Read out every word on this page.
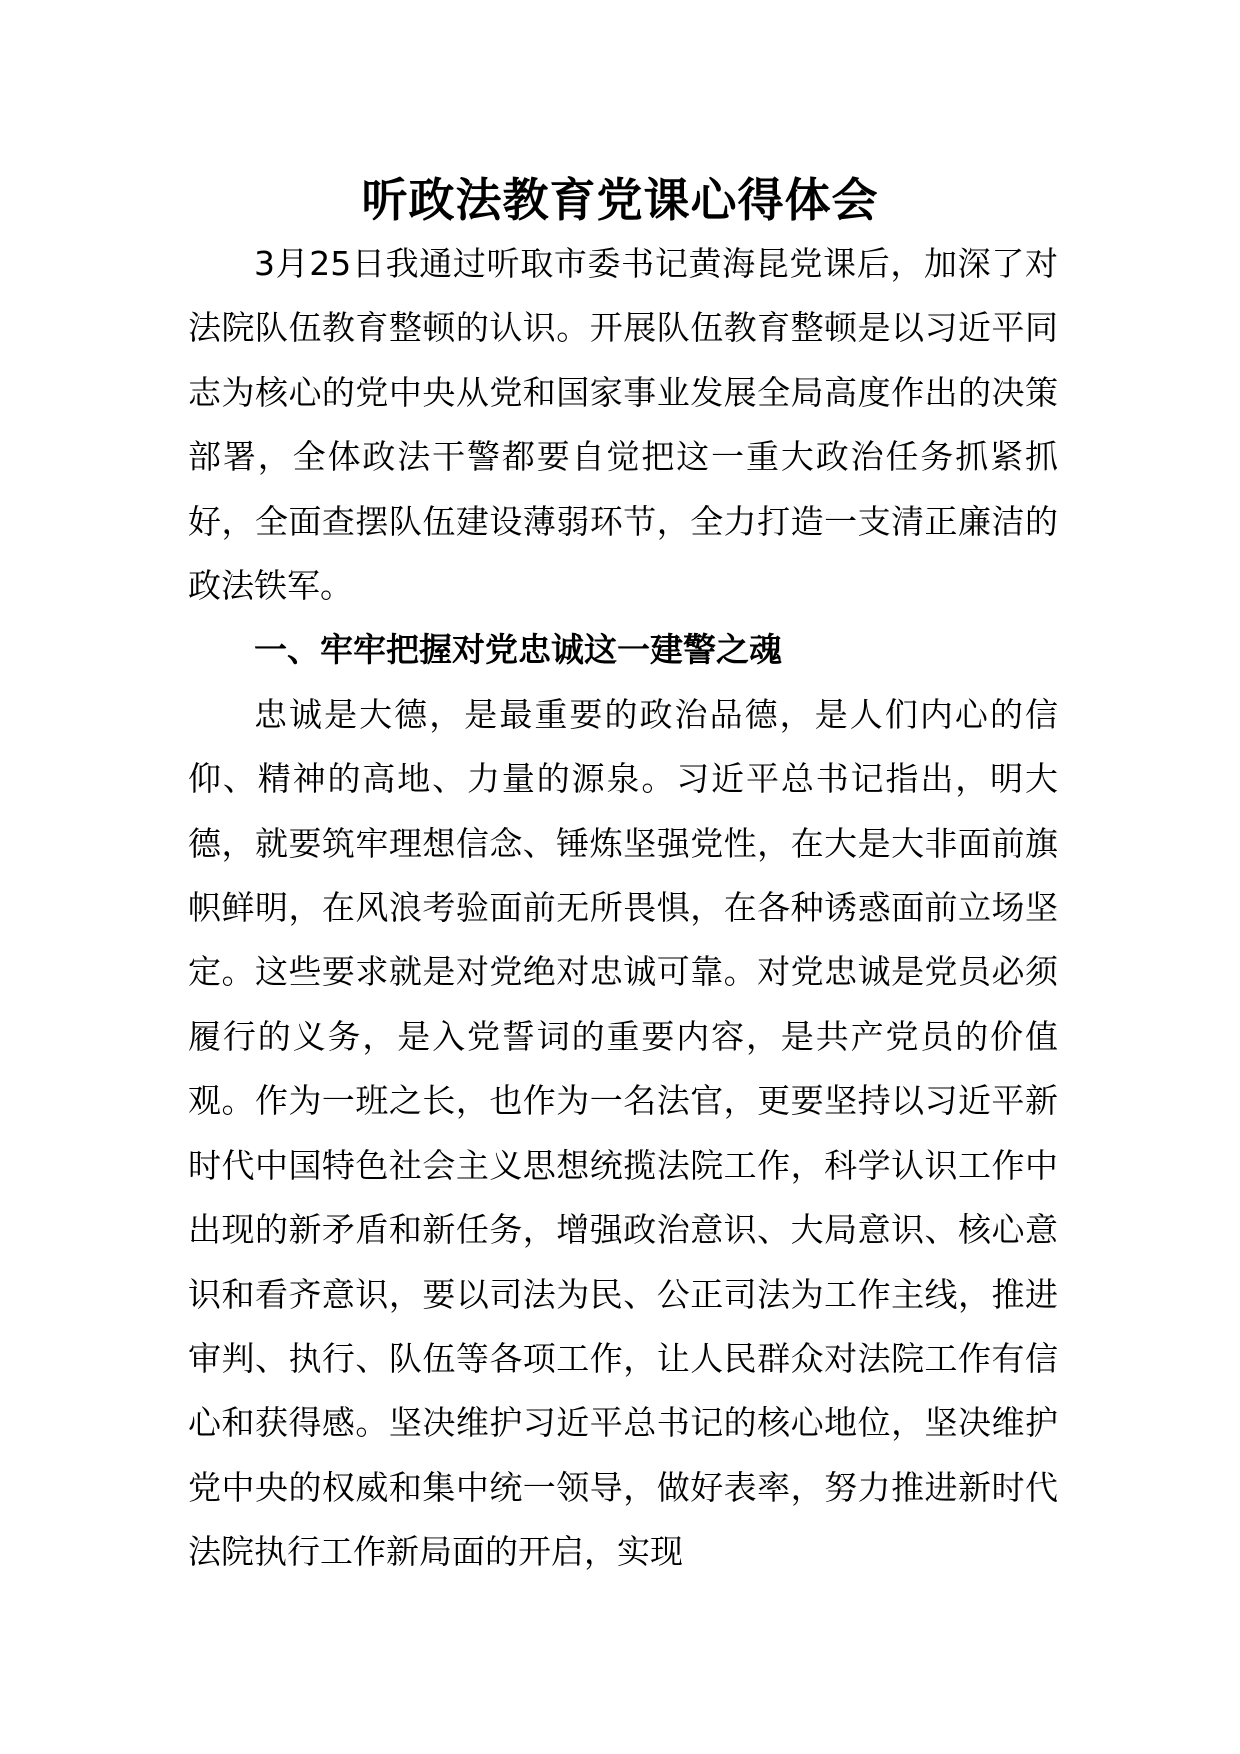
听政法教育党课心得体会

3月25日我通过听取市委书记黄海昆党课后，加深了对法院队伍教育整顿的认识。开展队伍教育整顿是以习近平同志为核心的党中央从党和国家事业发展全局高度作出的决策部署，全体政法干警都要自觉把这一重大政治任务抓紧抓好，全面查摆队伍建设薄弱环节，全力打造一支清正廉洁的政法铁军。

一、牢牢把握对党忠诚这一建警之魂

忠诚是大德，是最重要的政治品德，是人们内心的信仰、精神的高地、力量的源泉。习近平总书记指出，明大德，就要筑牢理想信念、锤炼坚强党性，在大是大非面前旗帜鲜明，在风浪考验面前无所畏惧，在各种诱惑面前立场坚定。这些要求就是对党绝对忠诚可靠。对党忠诚是党员必须履行的义务，是入党誓词的重要内容，是共产党员的价值观。作为一班之长，也作为一名法官，更要坚持以习近平新时代中国特色社会主义思想统揽法院工作，科学认识工作中出现的新矛盾和新任务，增强政治意识、大局意识、核心意识和看齐意识，要以司法为民、公正司法为工作主线，推进审判、执行、队伍等各项工作，让人民群众对法院工作有信心和获得感。坚决维护习近平总书记的核心地位，坚决维护党中央的权威和集中统一领导，做好表率，努力推进新时代法院执行工作新局面的开启，实现
